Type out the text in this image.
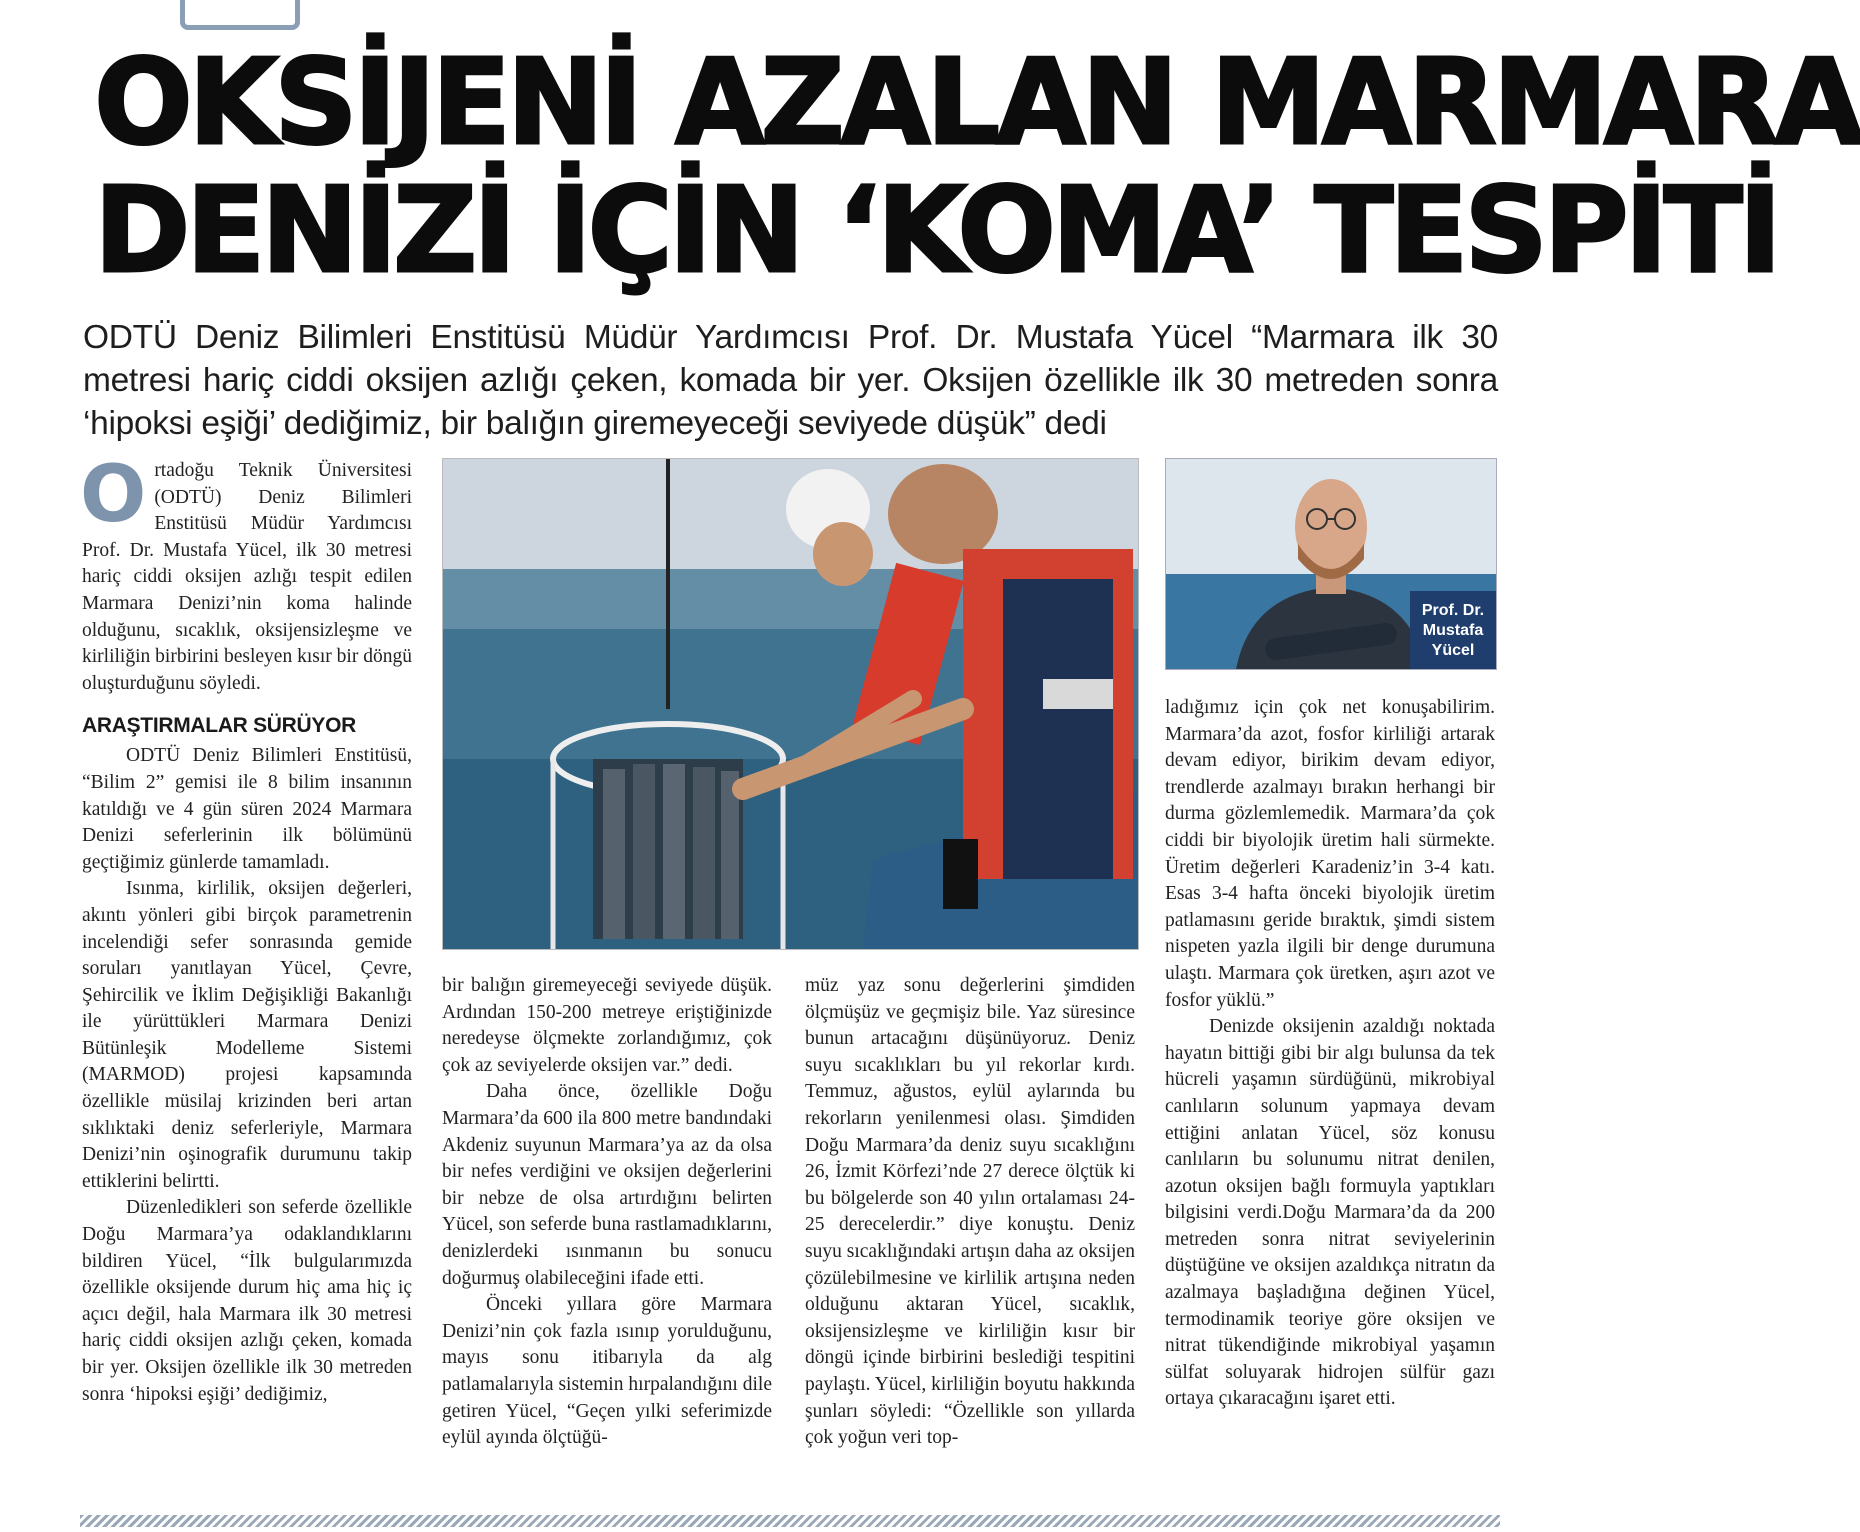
OKSİJENİ AZALAN MARMARA
DENİZİ İÇİN ‘KOMA’ TESPİTİ

ODTÜ Deniz Bilimleri Enstitüsü Müdür Yardımcısı Prof. Dr. Mustafa Yücel “Marmara ilk 30 metresi hariç ciddi oksijen azlığı çeken, komada bir yer. Oksijen özellikle ilk 30 metreden sonra ‘hipoksi eşiği’ dediğimiz, bir balığın giremeyeceği seviyede düşük” dedi

Ortadoğu Teknik Üniversitesi (ODTÜ) Deniz Bilimleri Enstitüsü Müdür Yardımcısı Prof. Dr. Mustafa Yücel, ilk 30 metresi hariç ciddi oksijen azlığı tespit edilen Marmara Denizi’nin koma halinde olduğunu, sıcaklık, oksijensizleşme ve kirliliğin birbirini besleyen kısır bir döngü oluşturduğunu söyledi.

ARAŞTIRMALAR SÜRÜYOR

ODTÜ Deniz Bilimleri Enstitüsü, “Bilim 2” gemisi ile 8 bilim insanının katıldığı ve 4 gün süren 2024 Marmara Denizi seferlerinin ilk bölümünü geçtiğimiz günlerde tamamladı.

Isınma, kirlilik, oksijen değerleri, akıntı yönleri gibi birçok parametrenin incelendiği sefer sonrasında gemide soruları yanıtlayan Yücel, Çevre, Şehircilik ve İklim Değişikliği Bakanlığı ile yürüttükleri Marmara Denizi Bütünleşik Modelleme Sistemi (MARMOD) projesi kapsamında özellikle müsilaj krizinden beri artan sıklıktaki deniz seferleriyle, Marmara Denizi’nin oşinografik durumunu takip ettiklerini belirtti.

Düzenledikleri son seferde özellikle Doğu Marmara’ya odaklandıklarını bildiren Yücel, “İlk bulgularımızda özellikle oksijende durum hiç ama hiç iç açıcı değil, hala Marmara ilk 30 metresi hariç ciddi oksijen azlığı çeken, komada bir yer. Oksijen özellikle ilk 30 metreden sonra ‘hipoksi eşiği’ dediğimiz,

Prof. Dr.
Mustafa
Yücel

bir balığın giremeyeceği seviyede düşük. Ardından 150-200 metreye eriştiğinizde neredeyse ölçmekte zorlandığımız, çok çok az seviyelerde oksijen var.” dedi.

Daha önce, özellikle Doğu Marmara’da 600 ila 800 metre bandındaki Akdeniz suyunun Marmara’ya az da olsa bir nefes verdiğini ve oksijen değerlerini bir nebze de olsa artırdığını belirten Yücel, son seferde buna rastlamadıklarını, denizlerdeki ısınmanın bu sonucu doğurmuş olabileceğini ifade etti.

Önceki yıllara göre Marmara Denizi’nin çok fazla ısınıp yorulduğunu, mayıs sonu itibarıyla da alg patlamalarıyla sistemin hırpalandığını dile getiren Yücel, “Geçen yılki seferimizde eylül ayında ölçtüğü-

müz yaz sonu değerlerini şimdiden ölçmüşüz ve geçmişiz bile. Yaz süresince bunun artacağını düşünüyoruz. Deniz suyu sıcaklıkları bu yıl rekorlar kırdı. Temmuz, ağustos, eylül aylarında bu rekorların yenilenmesi olası. Şimdiden Doğu Marmara’da deniz suyu sıcaklığını 26, İzmit Körfezi’nde 27 derece ölçtük ki bu bölgelerde son 40 yılın ortalaması 24-25 derecelerdir.” diye konuştu. Deniz suyu sıcaklığındaki artışın daha az oksijen çözülebilmesine ve kirlilik artışına neden olduğunu aktaran Yücel, sıcaklık, oksijensizleşme ve kirliliğin kısır bir döngü içinde birbirini beslediği tespitini paylaştı. Yücel, kirliliğin boyutu hakkında şunları söyledi: “Özellikle son yıllarda çok yoğun veri top-

ladığımız için çok net konuşabilirim. Marmara’da azot, fosfor kirliliği artarak devam ediyor, birikim devam ediyor, trendlerde azalmayı bırakın herhangi bir durma gözlemlemedik. Marmara’da çok ciddi bir biyolojik üretim hali sürmekte. Üretim değerleri Karadeniz’in 3-4 katı. Esas 3-4 hafta önceki biyolojik üretim patlamasını geride bıraktık, şimdi sistem nispeten yazla ilgili bir denge durumuna ulaştı. Marmara çok üretken, aşırı azot ve fosfor yüklü.”

Denizde oksijenin azaldığı noktada hayatın bittiği gibi bir algı bulunsa da tek hücreli yaşamın sürdüğünü, mikrobiyal canlıların solunum yapmaya devam ettiğini anlatan Yücel, söz konusu canlıların bu solunumu nitrat denilen, azotun oksijen bağlı formuyla yaptıkları bilgisini verdi.Doğu Marmara’da da 200 metreden sonra nitrat seviyelerinin düştüğüne ve oksijen azaldıkça nitratın da azalmaya başladığına değinen Yücel, termodinamik teoriye göre oksijen ve nitrat tükendiğinde mikrobiyal yaşamın sülfat soluyarak hidrojen sülfür gazı ortaya çıkaracağını işaret etti.
